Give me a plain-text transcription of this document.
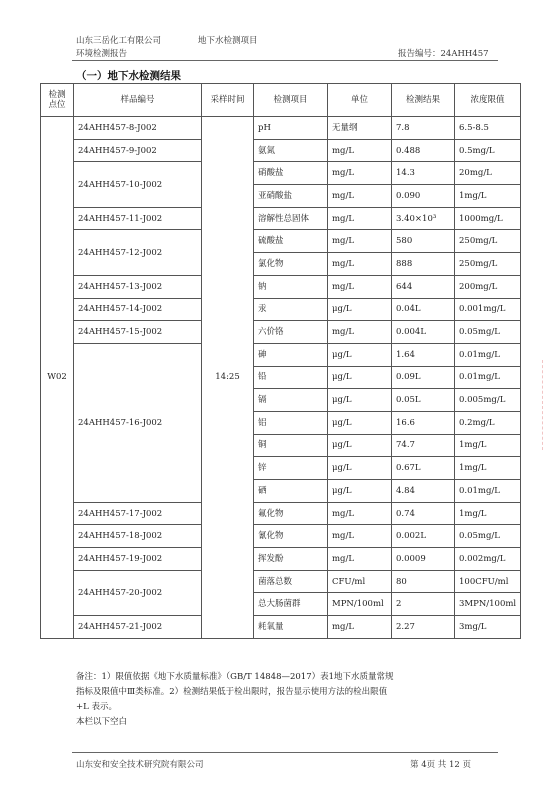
山东三岳化工有限公司	地下水检测项目
环境检测报告	报告编号：24AHH457
（一）地下水检测结果
检测点位	样品编号	采样时间	检测项目	单位	检测结果	浓度限值
W02	24AHH457-8-J002	14:25	pH	无量纲	7.8	6.5-8.5
	24AHH457-9-J002		氨氮	mg/L	0.488	0.5mg/L
	24AHH457-10-J002		硝酸盐	mg/L	14.3	20mg/L
			亚硝酸盐	mg/L	0.090	1mg/L
	24AHH457-11-J002		溶解性总固体	mg/L	3.40×10³	1000mg/L
	24AHH457-12-J002		硫酸盐	mg/L	580	250mg/L
			氯化物	mg/L	888	250mg/L
	24AHH457-13-J002		钠	mg/L	644	200mg/L
	24AHH457-14-J002		汞	μg/L	0.04L	0.001mg/L
	24AHH457-15-J002		六价铬	mg/L	0.004L	0.05mg/L
	24AHH457-16-J002		砷	μg/L	1.64	0.01mg/L
			铅	μg/L	0.09L	0.01mg/L
			镉	μg/L	0.05L	0.005mg/L
			铝	μg/L	16.6	0.2mg/L
			铜	μg/L	74.7	1mg/L
			锌	μg/L	0.67L	1mg/L
			硒	μg/L	4.84	0.01mg/L
	24AHH457-17-J002		氟化物	mg/L	0.74	1mg/L
	24AHH457-18-J002		氰化物	mg/L	0.002L	0.05mg/L
	24AHH457-19-J002		挥发酚	mg/L	0.0009	0.002mg/L
	24AHH457-20-J002		菌落总数	CFU/ml	80	100CFU/ml
			总大肠菌群	MPN/100ml	2	3MPN/100ml
	24AHH457-21-J002		耗氧量	mg/L	2.27	3mg/L
备注：1）限值依据《地下水质量标准》（GB/T 14848—2017）表1地下水质量常规
指标及限值中Ⅲ类标准。2）检测结果低于检出限时，报告显示使用方法的检出限值
+L 表示。
本栏以下空白
山东安和安全技术研究院有限公司	第 4页 共 12 页
